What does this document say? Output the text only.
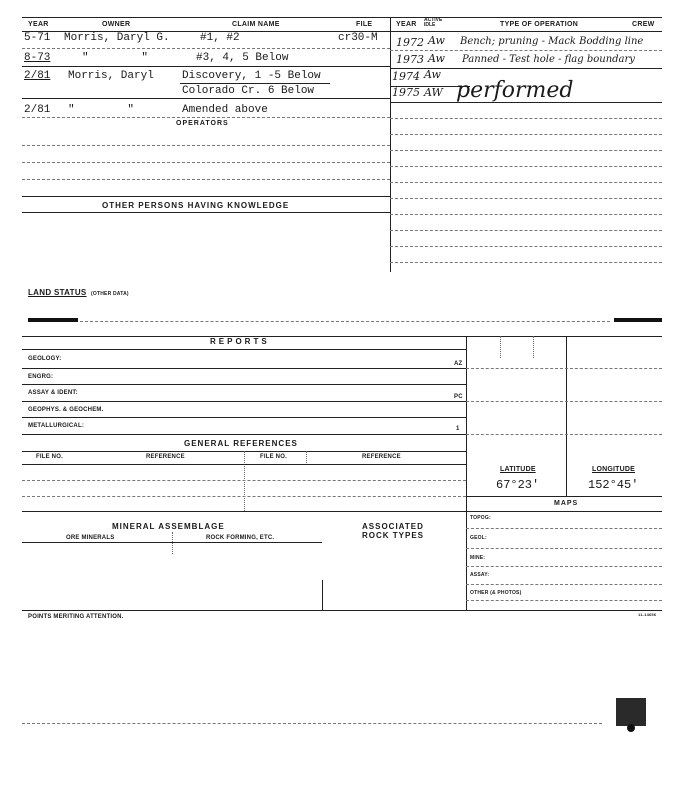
YEAR	OWNER	CLAIM NAME	FILE	YEAR
ACTIVE IDLE	TYPE OF OPERATION	CREW
5-71 Morris, Daryl G.	#1, #2	cr30-M
8-73	"        "	#3, 4, 5 Below
2/81 Morris, Daryl	Discovery, 1 -5 Below
Colorado Cr. 6 Below
2/81 "        "	Amended above
OPERATORS
OTHER PERSONS HAVING KNOWLEDGE
1972 Aw Bench; pruning - Mack Bodding line
1973 Aw Panned - Test hole - flag boundary
1974 Aw
1975 AW performed
LAND STATUS (OTHER DATA)
REPORTS
GEOLOGY:
AZ
ENGRG:
ASSAY & IDENT:
PC
GEOPHYS. & GEOCHEM.
METALLURGICAL:	1
GENERAL REFERENCES
FILE NO.	REFERENCE	FILE NO.	REFERENCE
LATITUDE	LONGITUDE
67°23'	152°45'
MAPS
TOPOG:
GEOL:
MINE:
ASSAY:
OTHER (& PHOTOS)
MINERAL ASSEMBLAGE
ORE MINERALS	ROCK FORMING, ETC.
ASSOCIATED ROCK TYPES
POINTS MERITING ATTENTION.	11-14656
